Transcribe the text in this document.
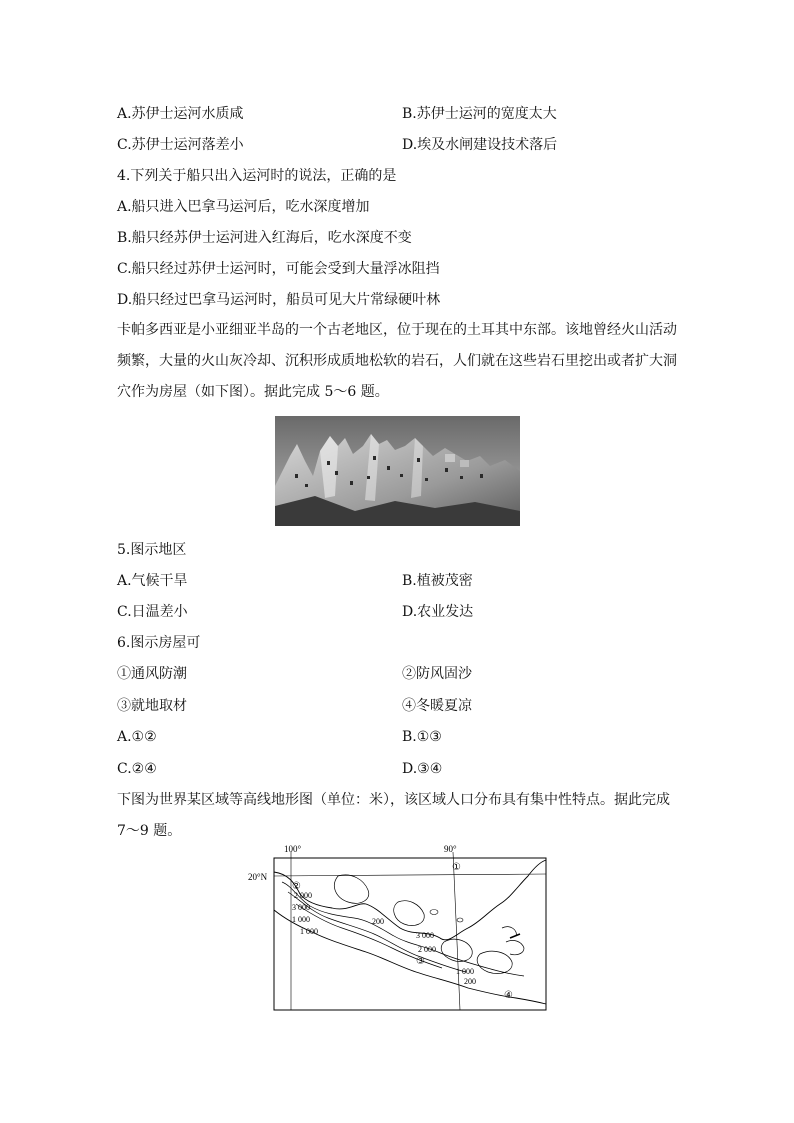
A.苏伊士运河水质咸	B.苏伊士运河的宽度太大
C.苏伊士运河落差小	D.埃及水闸建设技术落后
4.下列关于船只出入运河时的说法，正确的是
A.船只进入巴拿马运河后，吃水深度增加
B.船只经苏伊士运河进入红海后，吃水深度不变
C.船只经过苏伊士运河时，可能会受到大量浮冰阻挡
D.船只经过巴拿马运河时，船员可见大片常绿硬叶林
卡帕多西亚是小亚细亚半岛的一个古老地区，位于现在的土耳其中东部。该地曾经火山活动频繁，大量的火山灰冷却、沉积形成质地松软的岩石，人们就在这些岩石里挖出或者扩大洞穴作为房屋（如下图）。据此完成 5～6 题。
5.图示地区
A.气候干旱	B.植被茂密
C.日温差小	D.农业发达
6.图示房屋可
①通风防潮	②防风固沙
③就地取材	④冬暖夏凉
A.①②	B.①③
C.②④	D.③④
下图为世界某区域等高线地形图（单位：米），该区域人口分布具有集中性特点。据此完成 7～9 题。
100°	90°
20°N
①
②
③
④
2 000
3 000
1 000	200
1 000	3 000
2 000
1 000
200
